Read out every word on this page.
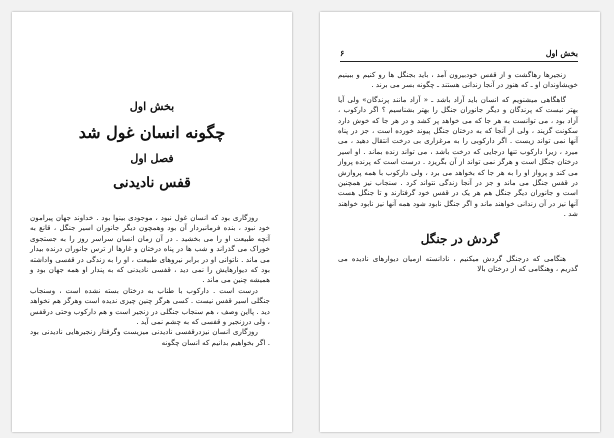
بخش اول
چگونه انسان غول شد
فصل اول
قفس نادیدنی

روزگاری بود که انسان غول نبود ، موجودی بینوا بود . خداوند جهان پیرامون خود نبود ، بنده فرمانبردار آن بود وهمچون دیگر جانوران اسیر جنگل ، قانع به آنچه طبیعت او را می بخشید . در آن زمان انسان سراسر روز را به جستجوی خوراک می گذراند و شب ها در پناه درختان و غارها از ترس جانوران درنده بیدار می ماند . ناتوانی او در برابر نیروهای طبیعت ، او را به زندگی در قفسی واداشته بود که دیوارهایش را نمی دید ، قفسی نادیدنی که به پندار او همه جهان بود و همیشه چنین می ماند .

درست است . دارکوب با طناب به درختان بسته نشده است ، وسنجاب جنگلی اسیر قفس نیست . کسی هرگز چنین چیزی ندیده است وهرگز هم نخواهد دید . پااین وصف ، هم سنجاب جنگلی در زنجیر است و هم دارکوب وحتی درقفس ، ولی درزنجیر و قفسی که به چشم نمی آید .

روزگاری انسان نیزدرقفسی نادیدنی میزیست وگرفتار زنجیرهایی نادیدنی بود . اگر بخواهیم بدانیم که انسان چگونه

بخش اول
۶

زنجیرها رهاگشت و از قفس خودبیرون آمد ، باید بجنگل ها رو کنیم و ببینیم خویشاوندان او ـ که هنوز در آنجا زندانی هستند ـ چگونه بسر می برند .

گاهگاهی میشنویم که انسان باید آزاد باشد ـ « آزاد مانند پرندگان» ولی آیا بهتر نیست که پرندگان و دیگر جانوران جنگل را بهتر بشناسیم ؟ اگر دارکوب ، آزاد بود ، می توانست به هر جا که می خواهد پر کشد و در هر جا که خوش دارد سکونت گزیند ، ولی از آنجا که به درختان جنگل پیوند خورده است ، جز در پناه آنها نمی تواند زیست . اگر دارکوبی را به مرغزاری بی درخت انتقال دهید ، می میرد ، زیرا دارکوب تنها درجایی که درخت باشد ، می تواند زنده بماند . او اسیر درختان جنگل است و هرگز نمی تواند از آن بگریزد . درست است که پرنده پرواز می کند و پرواز او را به هر جا که بخواهد می برد ، ولی دارکوب با همه پروازش در قفس جنگل می ماند و جز در آنجا زندگی نتواند کرد . سنجاب نیز همچنین است و جانوران دیگر جنگل هم هر یک در قفس خود گرفتارند و تا جنگل هست آنها نیز در آن زندانی خواهند ماند و اگر جنگل نابود شود همه آنها نیز نابود خواهند شد .

گردش در جنگل

هنگامی که درجنگل گردش میکنیم ، نادانسته ازمیان دیوارهای نادیده می گذریم ، وهنگامی که از درختان بالا
